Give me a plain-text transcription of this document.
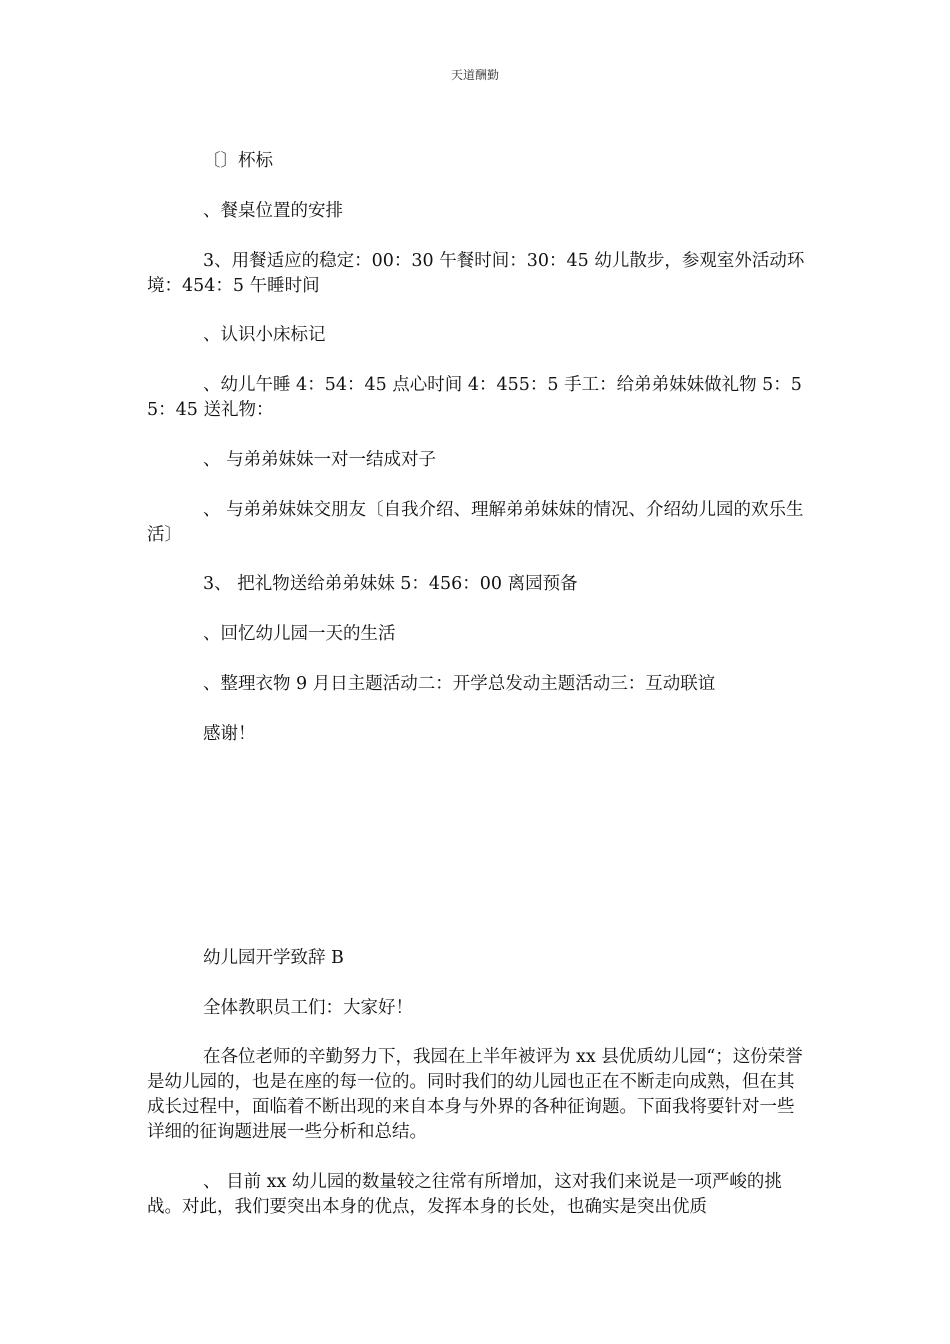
天道酬勤
〔〕杯标
、餐桌位置的安排
3、用餐适应的稳定：00：30 午餐时间：30：45 幼儿散步，参观室外活动环境：454：5 午睡时间
、认识小床标记
、幼儿午睡 4：54：45 点心时间 4：455：5 手工：给弟弟妹妹做礼物 5：55：45 送礼物：
、 与弟弟妹妹一对一结成对子
、 与弟弟妹妹交朋友〔自我介绍、理解弟弟妹妹的情况、介绍幼儿园的欢乐生活〕
3、 把礼物送给弟弟妹妹 5：456：00 离园预备
、回忆幼儿园一天的生活
、整理衣物 9 月日主题活动二：开学总发动主题活动三：互动联谊
感谢！
幼儿园开学致辞 B
全体教职员工们：大家好！
在各位老师的辛勤努力下，我园在上半年被评为 xx 县优质幼儿园“；这份荣誉是幼儿园的，也是在座的每一位的。同时我们的幼儿园也正在不断走向成熟，但在其成长过程中，面临着不断出现的来自本身与外界的各种征询题。下面我将要针对一些详细的征询题进展一些分析和总结。
、 目前 xx 幼儿园的数量较之往常有所增加，这对我们来说是一项严峻的挑战。对此，我们要突出本身的优点，发挥本身的长处，也确实是突出优质
